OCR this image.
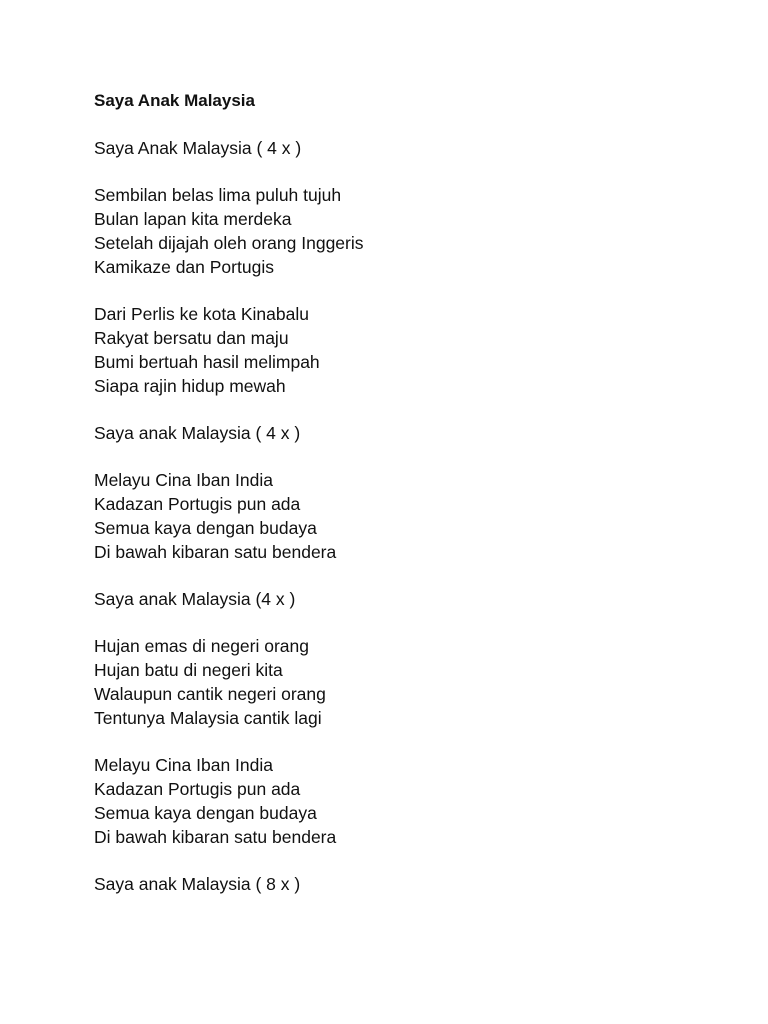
Saya Anak Malaysia
Saya Anak Malaysia ( 4 x )
Sembilan belas lima puluh tujuh
Bulan lapan kita merdeka
Setelah dijajah oleh orang Inggeris
Kamikaze dan Portugis
Dari Perlis ke kota Kinabalu
Rakyat bersatu dan maju
Bumi bertuah hasil melimpah
Siapa rajin hidup mewah
Saya anak Malaysia ( 4 x )
Melayu Cina Iban India
Kadazan Portugis pun ada
Semua kaya dengan budaya
Di bawah kibaran satu bendera
Saya anak Malaysia (4 x )
Hujan emas di negeri orang
Hujan batu di negeri kita
Walaupun cantik negeri orang
Tentunya Malaysia cantik lagi
Melayu Cina Iban India
Kadazan Portugis pun ada
Semua kaya dengan budaya
Di bawah kibaran satu bendera
Saya anak Malaysia ( 8 x )
